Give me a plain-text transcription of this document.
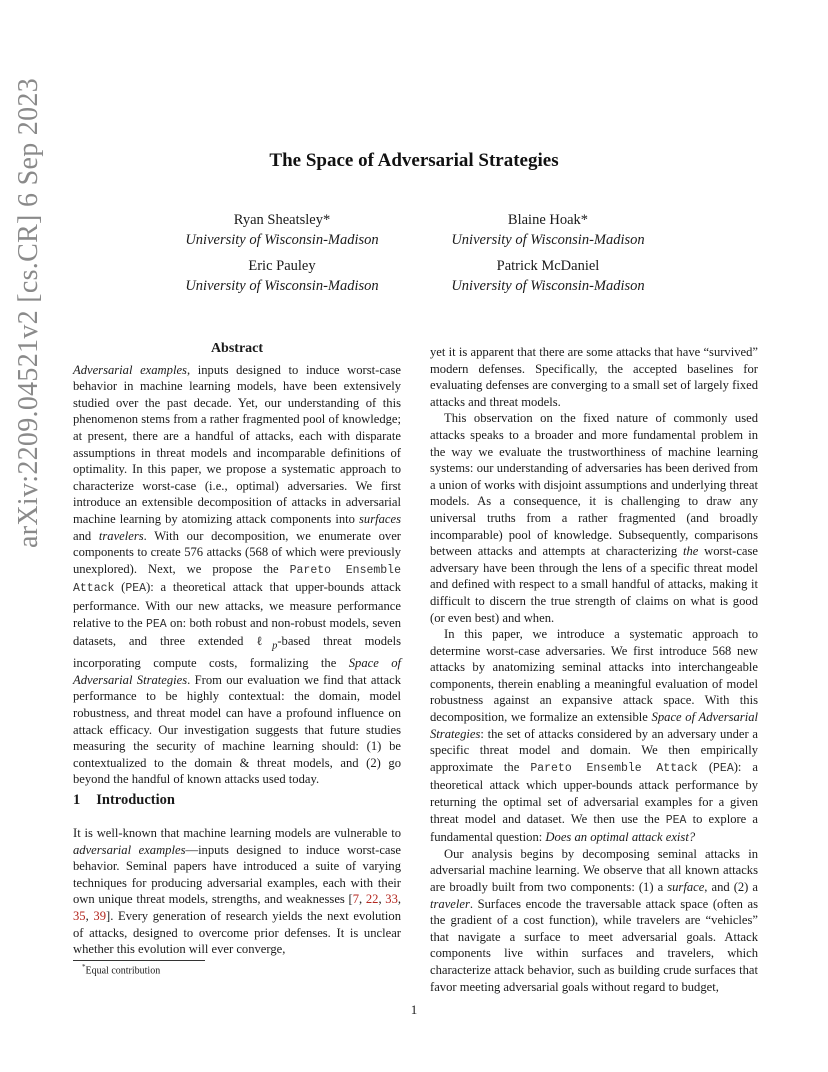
arXiv:2209.04521v2
[cs.CR]
6 Sep 2023	The Space of Adversarial Strategies
Ryan Sheatsley*
University of Wisconsin-Madison
Blaine Hoak*
University of Wisconsin-Madison
Eric Pauley
University of Wisconsin-Madison
Patrick McDaniel
University of Wisconsin-Madison
Abstract

Adversarial examples, inputs designed to induce worst-case behavior in machine learning models, have been extensively studied over the past decade. Yet, our understanding of this phenomenon stems from a rather fragmented pool of knowledge; at present, there are a handful of attacks, each with disparate assumptions in threat models and incomparable definitions of optimality. In this paper, we propose a systematic approach to characterize worst-case (i.e., optimal) adversaries. We first introduce an extensible decomposition of attacks in adversarial machine learning by atomizing attack components into surfaces and travelers. With our decomposition, we enumerate over components to create 576 attacks (568 of which were previously unexplored). Next, we propose the Pareto Ensemble Attack (PEA): a theoretical attack that upper-bounds attack performance. With our new attacks, we measure performance relative to the PEA on: both robust and non-robust models, seven datasets, and three extended ℓ$_p$-based threat models incorporating compute costs, formalizing the Space of Adversarial Strategies. From our evaluation we find that attack performance to be highly contextual: the domain, model robustness, and threat model can have a profound influence on attack efficacy. Our investigation suggests that future studies measuring the security of machine learning should: (1) be contextualized to the domain & threat models, and (2) go beyond the handful of known attacks used today.

1 Introduction

It is well-known that machine learning models are vulnerable to adversarial examples—inputs designed to induce worst-case behavior. Seminal papers have introduced a suite of varying techniques for producing adversarial examples, each with their own unique threat models, strengths, and weaknesses [7, 22, 33, 35, 39]. Every generation of research yields the next evolution of attacks, designed to overcome prior defenses. It is unclear whether this evolution will ever converge,

*Equal contribution

yet it is apparent that there are some attacks that have “survived” modern defenses. Specifically, the accepted baselines for evaluating defenses are converging to a small set of largely fixed attacks and threat models.

This observation on the fixed nature of commonly used attacks speaks to a broader and more fundamental problem in the way we evaluate the trustworthiness of machine learning systems: our understanding of adversaries has been derived from a union of works with disjoint assumptions and underlying threat models. As a consequence, it is challenging to draw any universal truths from a rather fragmented (and broadly incomparable) pool of knowledge. Subsequently, comparisons between attacks and attempts at characterizing the worst-case adversary have been through the lens of a specific threat model and defined with respect to a small handful of attacks, making it difficult to discern the true strength of claims on what is good (or even best) and when.

In this paper, we introduce a systematic approach to determine worst-case adversaries. We first introduce 568 new attacks by anatomizing seminal attacks into interchangeable components, therein enabling a meaningful evaluation of model robustness against an expansive attack space. With this decomposition, we formalize an extensible Space of Adversarial Strategies: the set of attacks considered by an adversary under a specific threat model and domain. We then empirically approximate the Pareto Ensemble Attack (PEA): a theoretical attack which upper-bounds attack performance by returning the optimal set of adversarial examples for a given threat model and dataset. We then use the PEA to explore a fundamental question: Does an optimal attack exist?

Our analysis begins by decomposing seminal attacks in adversarial machine learning. We observe that all known attacks are broadly built from two components: (1) a surface, and (2) a traveler. Surfaces encode the traversable attack space (often as the gradient of a cost function), while travelers are “vehicles” that navigate a surface to meet adversarial goals. Attack components live within surfaces and travelers, which characterize attack behavior, such as building crude surfaces that favor meeting adversarial goals without regard to budget,

1
